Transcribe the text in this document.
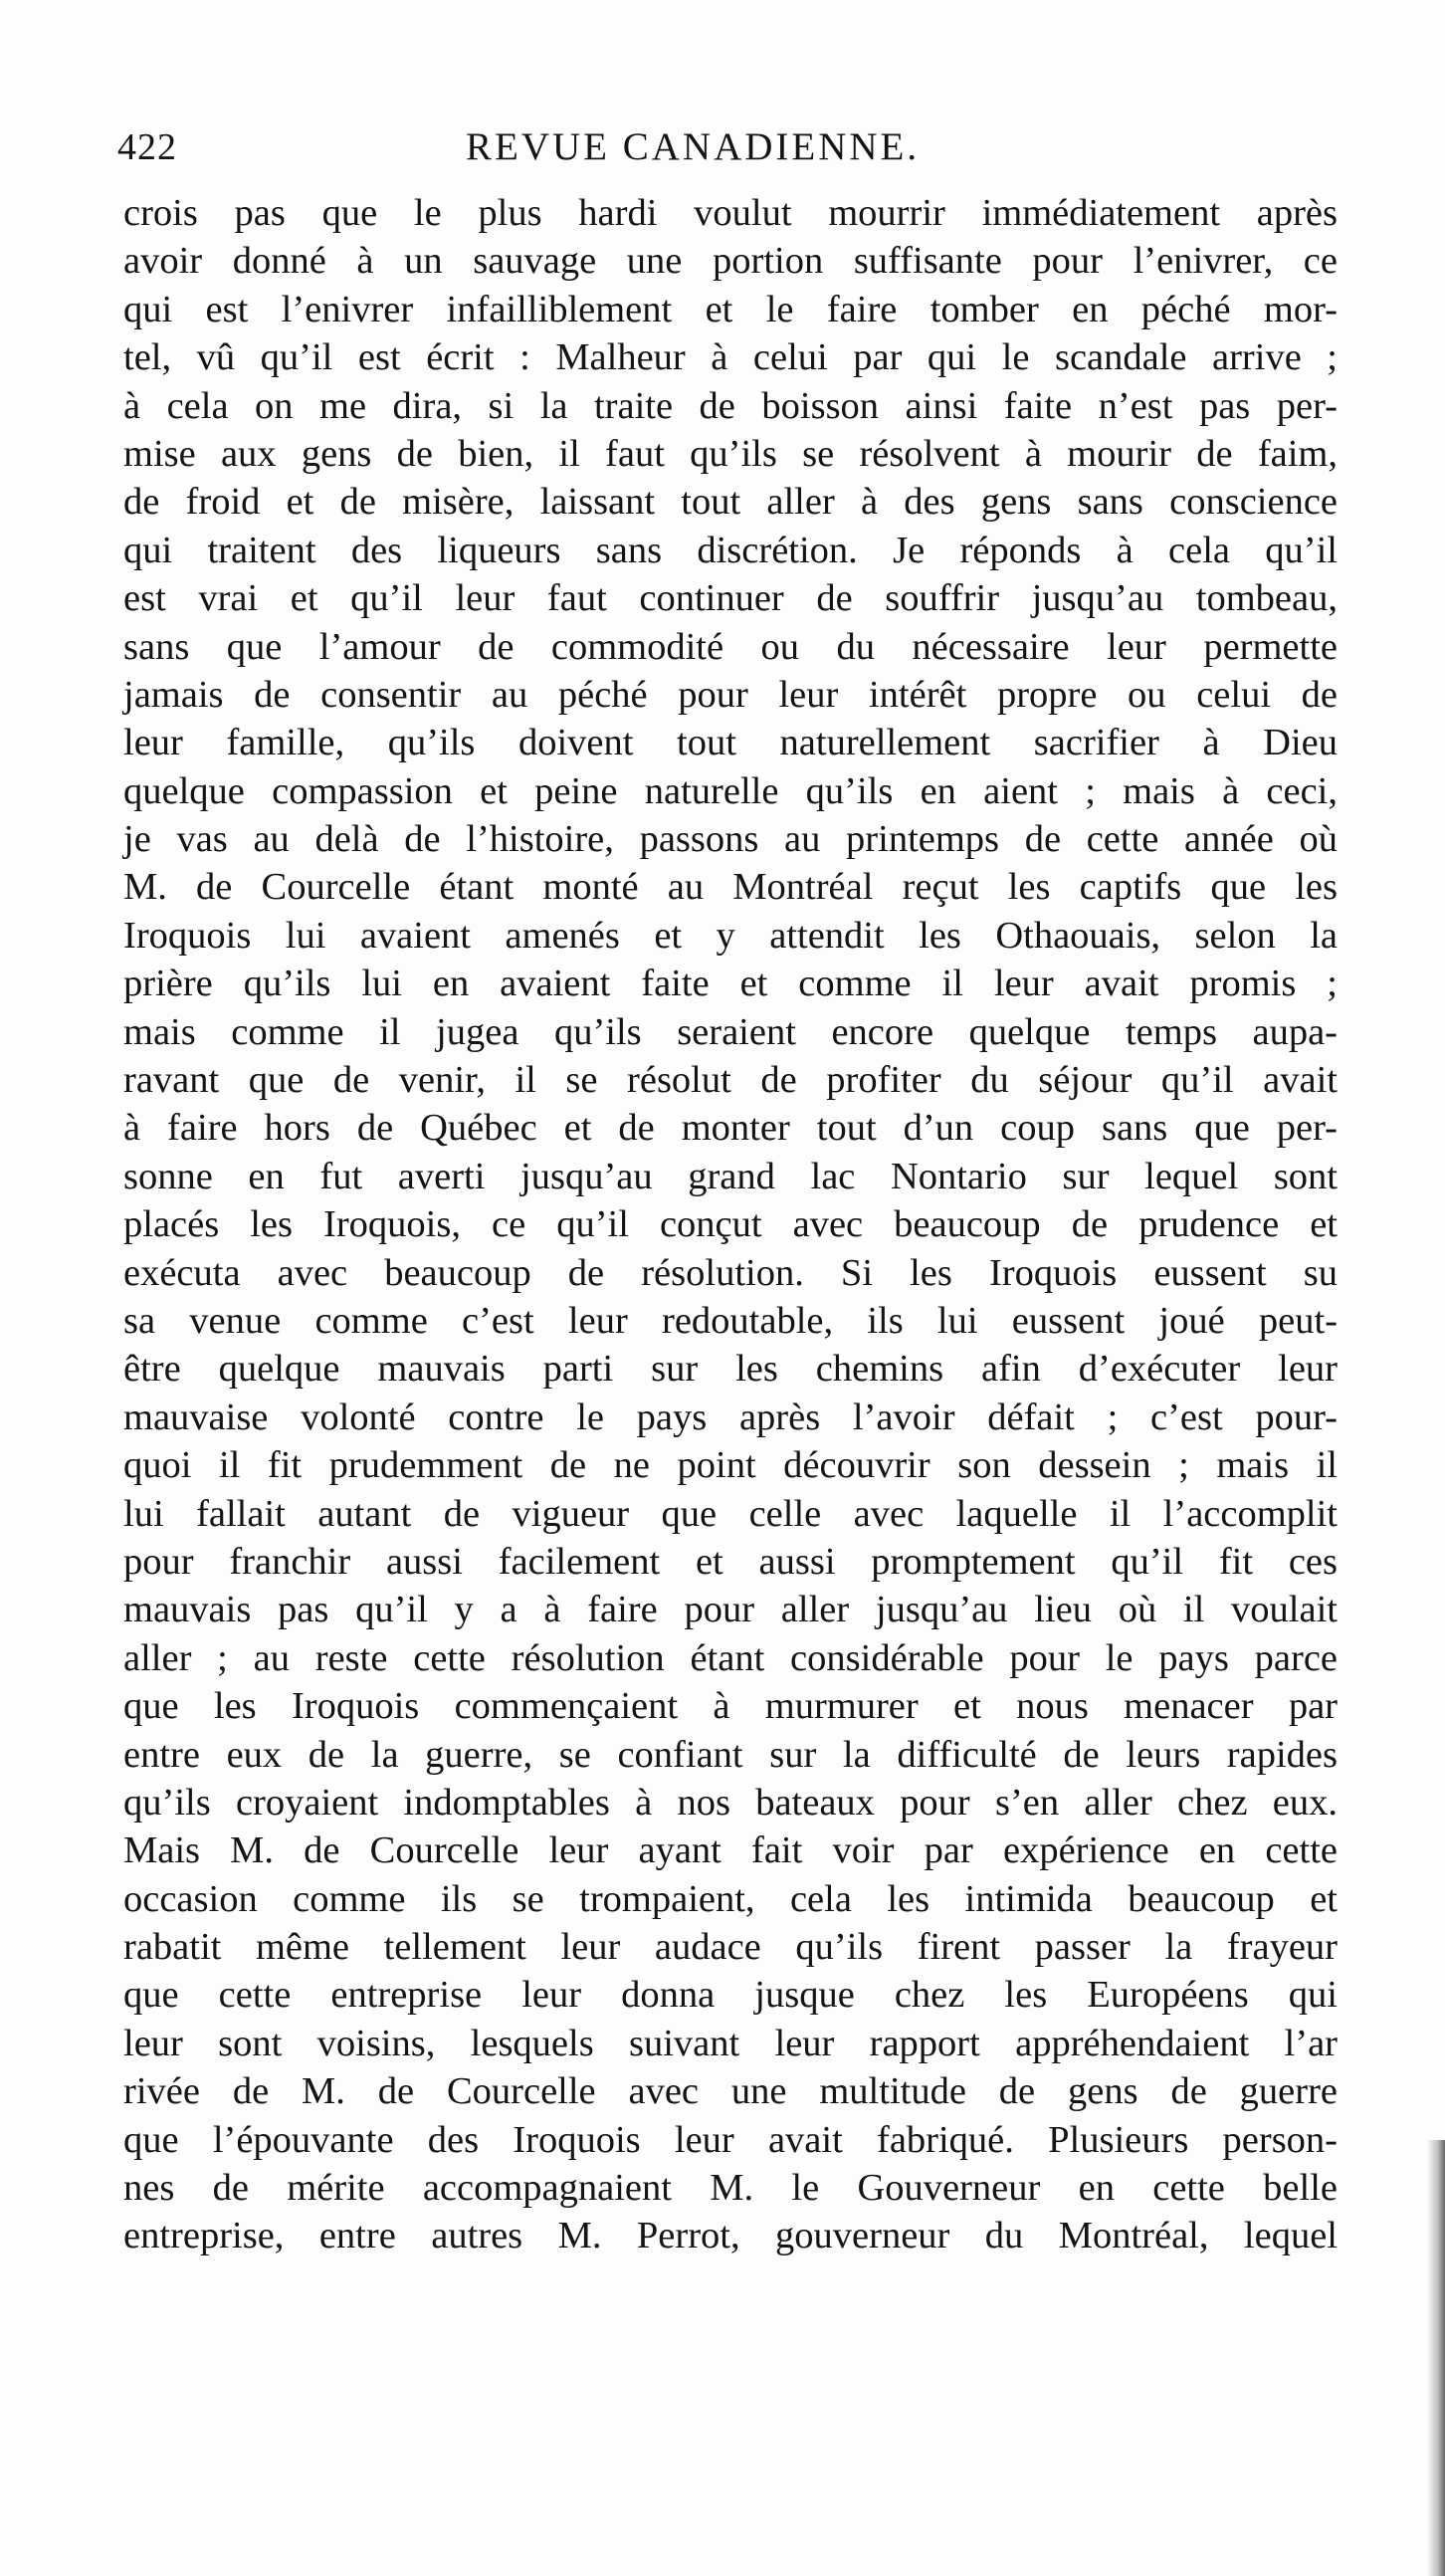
422	REVUE CANADIENNE.
crois pas que le plus hardi voulut mourrir immédiatement après
avoir donné à un sauvage une portion suffisante pour l’enivrer, ce
qui est l’enivrer infailliblement et le faire tomber en péché mor-
tel, vû qu’il est écrit : Malheur à celui par qui le scandale arrive ;
à cela on me dira, si la traite de boisson ainsi faite n’est pas per-
mise aux gens de bien, il faut qu’ils se résolvent à mourir de faim,
de froid et de misère, laissant tout aller à des gens sans conscience
qui traitent des liqueurs sans discrétion. Je réponds à cela qu’il
est vrai et qu’il leur faut continuer de souffrir jusqu’au tombeau,
sans que l’amour de commodité ou du nécessaire leur permette
jamais de consentir au péché pour leur intérêt propre ou celui de
leur famille, qu’ils doivent tout naturellement sacrifier à Dieu
quelque compassion et peine naturelle qu’ils en aient ; mais à ceci,
je vas au delà de l’histoire, passons au printemps de cette année où
M. de Courcelle étant monté au Montréal reçut les captifs que les
Iroquois lui avaient amenés et y attendit les Othaouais, selon la
prière qu’ils lui en avaient faite et comme il leur avait promis ;
mais comme il jugea qu’ils seraient encore quelque temps aupa-
ravant que de venir, il se résolut de profiter du séjour qu’il avait
à faire hors de Québec et de monter tout d’un coup sans que per-
sonne en fut averti jusqu’au grand lac Nontario sur lequel sont
placés les Iroquois, ce qu’il conçut avec beaucoup de prudence et
exécuta avec beaucoup de résolution. Si les Iroquois eussent su
sa venue comme c’est leur redoutable, ils lui eussent joué peut-
être quelque mauvais parti sur les chemins afin d’exécuter leur
mauvaise volonté contre le pays après l’avoir défait ; c’est pour-
quoi il fit prudemment de ne point découvrir son dessein ; mais il
lui fallait autant de vigueur que celle avec laquelle il l’accomplit
pour franchir aussi facilement et aussi promptement qu’il fit ces
mauvais pas qu’il y a à faire pour aller jusqu’au lieu où il voulait
aller ; au reste cette résolution étant considérable pour le pays parce
que les Iroquois commençaient à murmurer et nous menacer par
entre eux de la guerre, se confiant sur la difficulté de leurs rapides
qu’ils croyaient indomptables à nos bateaux pour s’en aller chez eux.
Mais M. de Courcelle leur ayant fait voir par expérience en cette
occasion comme ils se trompaient, cela les intimida beaucoup et
rabatit même tellement leur audace qu’ils firent passer la frayeur
que cette entreprise leur donna jusque chez les Européens qui
leur sont voisins, lesquels suivant leur rapport appréhendaient l’ar
rivée de M. de Courcelle avec une multitude de gens de guerre
que l’épouvante des Iroquois leur avait fabriqué. Plusieurs person-
nes de mérite accompagnaient M. le Gouverneur en cette belle
entreprise, entre autres M. Perrot, gouverneur du Montréal, lequel
